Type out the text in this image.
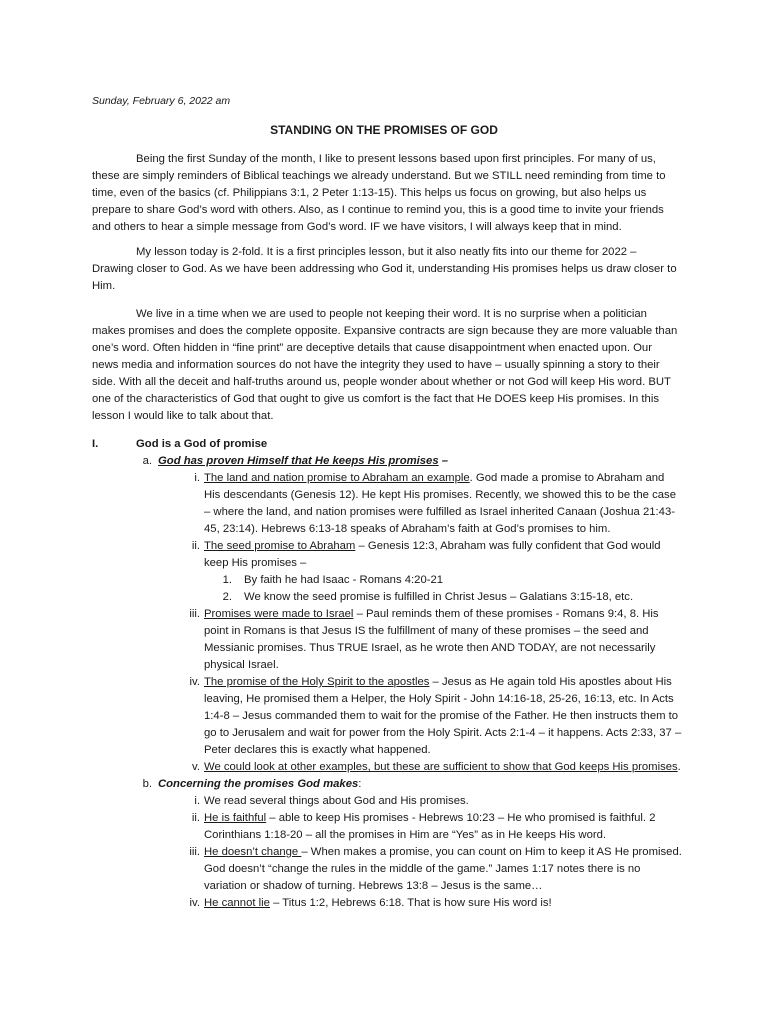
Sunday, February 6, 2022 am
STANDING ON THE PROMISES OF GOD

Being the first Sunday of the month, I like to present lessons based upon first principles. For many of us, these are simply reminders of Biblical teachings we already understand. But we STILL need reminding from time to time, even of the basics (cf. Philippians 3:1, 2 Peter 1:13-15). This helps us focus on growing, but also helps us prepare to share God’s word with others. Also, as I continue to remind you, this is a good time to invite your friends and others to hear a simple message from God’s word. IF we have visitors, I will always keep that in mind.

My lesson today is 2-fold. It is a first principles lesson, but it also neatly fits into our theme for 2022 – Drawing closer to God. As we have been addressing who God it, understanding His promises helps us draw closer to Him.

We live in a time when we are used to people not keeping their word. It is no surprise when a politician makes promises and does the complete opposite. Expansive contracts are sign because they are more valuable than one’s word. Often hidden in “fine print” are deceptive details that cause disappointment when enacted upon. Our news media and information sources do not have the integrity they used to have – usually spinning a story to their side. With all the deceit and half-truths around us, people wonder about whether or not God will keep His word. BUT one of the characteristics of God that ought to give us comfort is the fact that He DOES keep His promises. In this lesson I would like to talk about that.

I.	God is a God of promise
a. God has proven Himself that He keeps His promises –
i. The land and nation promise to Abraham an example. God made a promise to Abraham and His descendants (Genesis 12). He kept His promises. Recently, we showed this to be the case – where the land, and nation promises were fulfilled as Israel inherited Canaan (Joshua 21:43-45, 23:14). Hebrews 6:13-18 speaks of Abraham’s faith at God’s promises to him.
ii. The seed promise to Abraham – Genesis 12:3, Abraham was fully confident that God would keep His promises –
1. By faith he had Isaac - Romans 4:20-21
2. We know the seed promise is fulfilled in Christ Jesus – Galatians 3:15-18, etc.
iii. Promises were made to Israel – Paul reminds them of these promises - Romans 9:4, 8. His point in Romans is that Jesus IS the fulfillment of many of these promises – the seed and Messianic promises. Thus TRUE Israel, as he wrote then AND TODAY, are not necessarily physical Israel.
iv. The promise of the Holy Spirit to the apostles – Jesus as He again told His apostles about His leaving, He promised them a Helper, the Holy Spirit - John 14:16-18, 25-26, 16:13, etc. In Acts 1:4-8 – Jesus commanded them to wait for the promise of the Father. He then instructs them to go to Jerusalem and wait for power from the Holy Spirit. Acts 2:1-4 – it happens. Acts 2:33, 37 – Peter declares this is exactly what happened.
v. We could look at other examples, but these are sufficient to show that God keeps His promises.
b. Concerning the promises God makes:
i. We read several things about God and His promises.
ii. He is faithful – able to keep His promises - Hebrews 10:23 – He who promised is faithful. 2 Corinthians 1:18-20 – all the promises in Him are “Yes” as in He keeps His word.
iii. He doesn’t change – When makes a promise, you can count on Him to keep it AS He promised. God doesn’t “change the rules in the middle of the game.” James 1:17 notes there is no variation or shadow of turning. Hebrews 13:8 – Jesus is the same…
iv. He cannot lie – Titus 1:2, Hebrews 6:18. That is how sure His word is!
